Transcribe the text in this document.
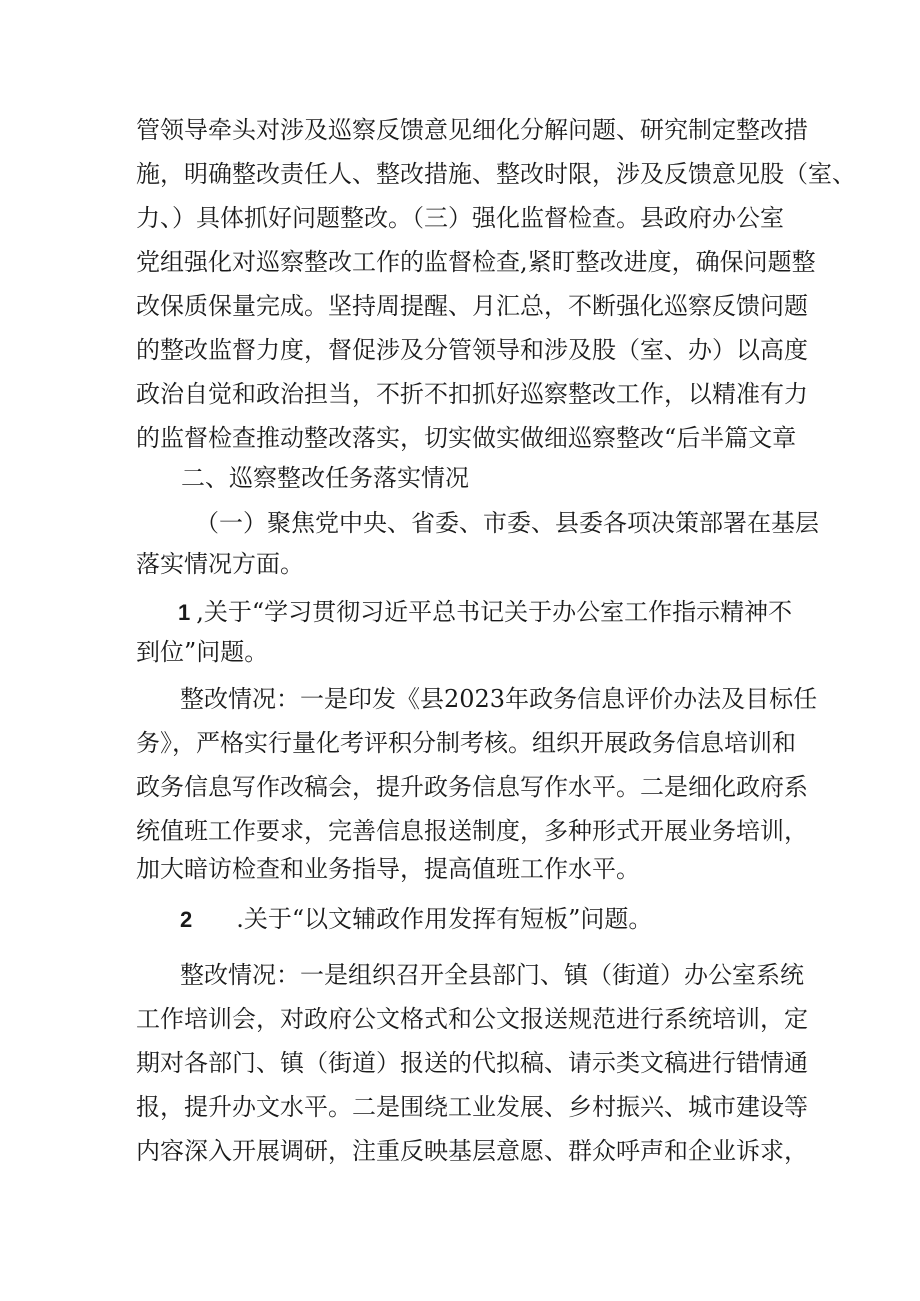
管领导牵头对涉及巡察反馈意见细化分解问题、研究制定整改措
施，明确整改责任人、整改措施、整改时限，涉及反馈意见股（室、
力、）具体抓好问题整改。（三）强化监督检查。县政府办公室
党组强化对巡察整改工作的监督检查,紧盯整改进度，确保问题整
改保质保量完成。坚持周提醒、月汇总，不断强化巡察反馈问题
的整改监督力度，督促涉及分管领导和涉及股（室、办）以高度
政治自觉和政治担当，不折不扣抓好巡察整改工作，以精准有力
的监督检查推动整改落实，切实做实做细巡察整改“后半篇文章
二、巡察整改任务落实情况
（一）聚焦党中央、省委、市委、县委各项决策部署在基层
落实情况方面。
1 ,关于“学习贯彻习近平总书记关于办公室工作指示精神不
到位”问题。
整改情况：一是印发《县2023年政务信息评价办法及目标任
务》，严格实行量化考评积分制考核。组织开展政务信息培训和
政务信息写作改稿会，提升政务信息写作水平。二是细化政府系
统值班工作要求，完善信息报送制度，多种形式开展业务培训，
加大暗访检查和业务指导，提高值班工作水平。
2 .关于“以文辅政作用发挥有短板”问题。
整改情况：一是组织召开全县部门、镇（街道）办公室系统
工作培训会，对政府公文格式和公文报送规范进行系统培训，定
期对各部门、镇（街道）报送的代拟稿、请示类文稿进行错情通
报，提升办文水平。二是围绕工业发展、乡村振兴、城市建设等
内容深入开展调研，注重反映基层意愿、群众呼声和企业诉求，
